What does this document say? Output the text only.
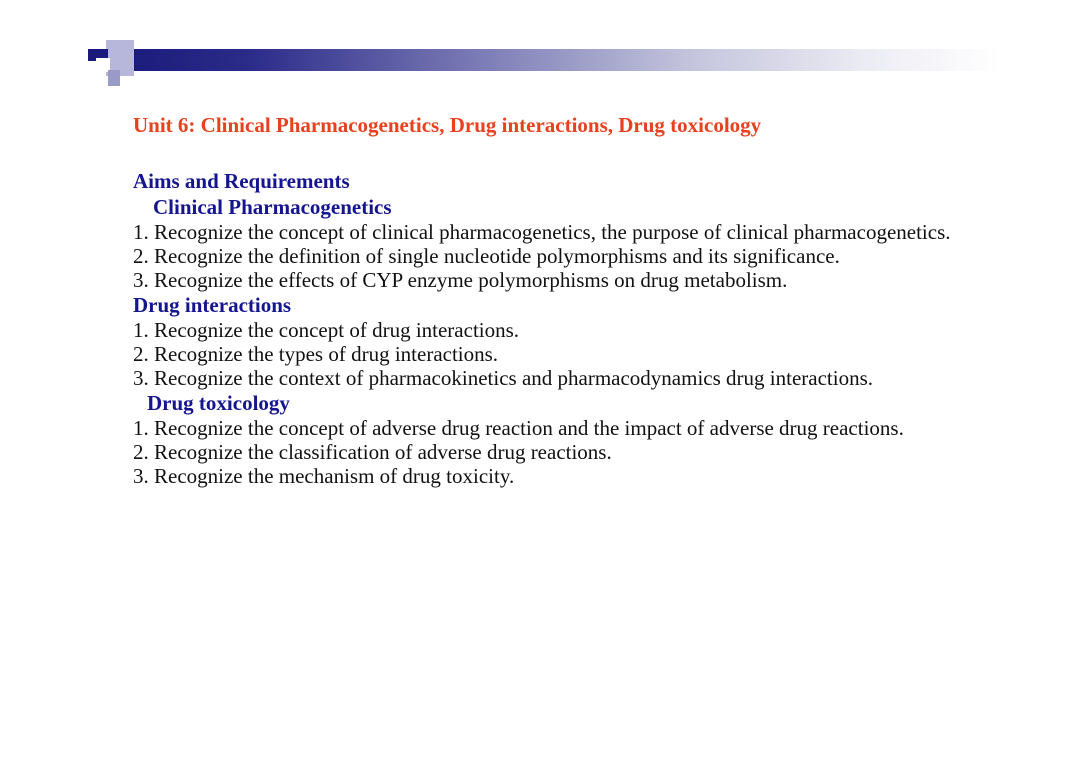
Unit 6: Clinical Pharmacogenetics, Drug interactions, Drug toxicology
Aims and Requirements
Clinical Pharmacogenetics
1. Recognize the concept of clinical pharmacogenetics, the purpose of clinical pharmacogenetics.
2. Recognize the definition of single nucleotide polymorphisms and its significance.
3. Recognize the effects of CYP enzyme polymorphisms on drug metabolism.
Drug interactions
1. Recognize the concept of drug interactions.
2. Recognize the types of drug interactions.
3. Recognize the context of pharmacokinetics and pharmacodynamics drug interactions.
Drug toxicology
1. Recognize the concept of adverse drug reaction and the impact of adverse drug reactions.
2. Recognize the classification of adverse drug reactions.
3. Recognize the mechanism of drug toxicity.
